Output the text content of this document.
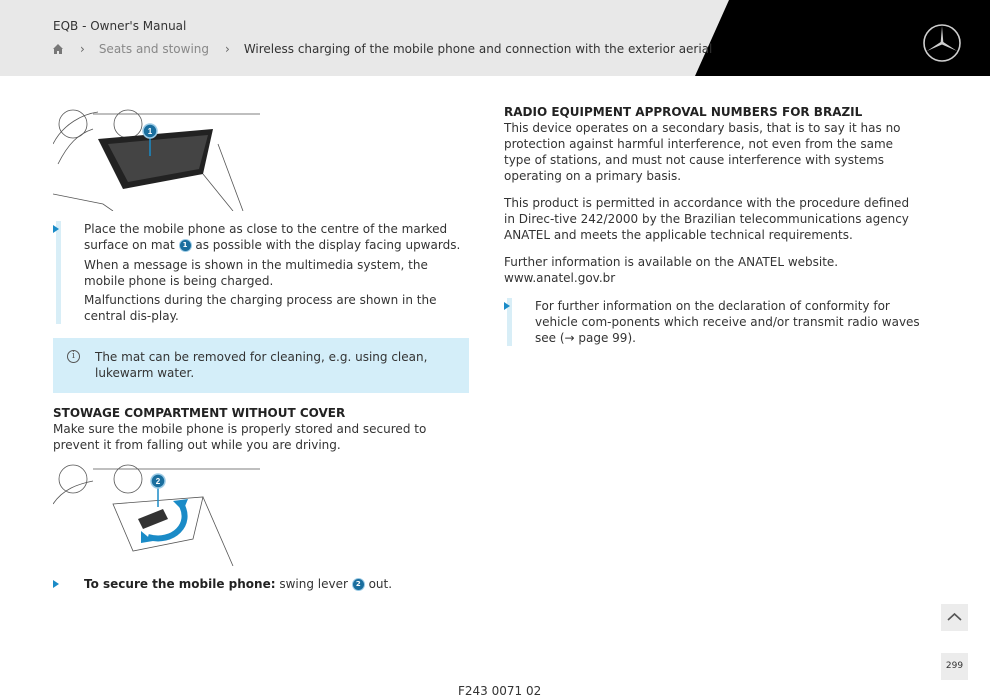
EQB - Owner's Manual
› Seats and stowing › Wireless charging of the mobile phone and connection with the exterior aerial
1

Place the mobile phone as close to the centre of the marked surface on mat 1 as possible with the display facing upwards.

When a message is shown in the multimedia system, the mobile phone is being charged.

Malfunctions during the charging process are shown in the central dis-play.

i	The mat can be removed for cleaning, e.g. using clean, lukewarm water.

STOWAGE COMPARTMENT WITHOUT COVER

Make sure the mobile phone is properly stored and secured to prevent it from falling out while you are driving.

2

To secure the mobile phone: swing lever 2 out.

RADIO EQUIPMENT APPROVAL NUMBERS FOR BRAZIL

This device operates on a secondary basis, that is to say it has no protection against harmful interference, not even from the same type of stations, and must not cause interference with systems operating on a primary basis.

This product is permitted in accordance with the procedure defined in Direc-tive 242/2000 by the Brazilian telecommunications agency ANATEL and meets the applicable technical requirements.

Further information is available on the ANATEL website. www.anatel.gov.br

For further information on the declaration of conformity for vehicle com-ponents which receive and/or transmit radio waves see (→ page 99).

299
F243 0071 02
